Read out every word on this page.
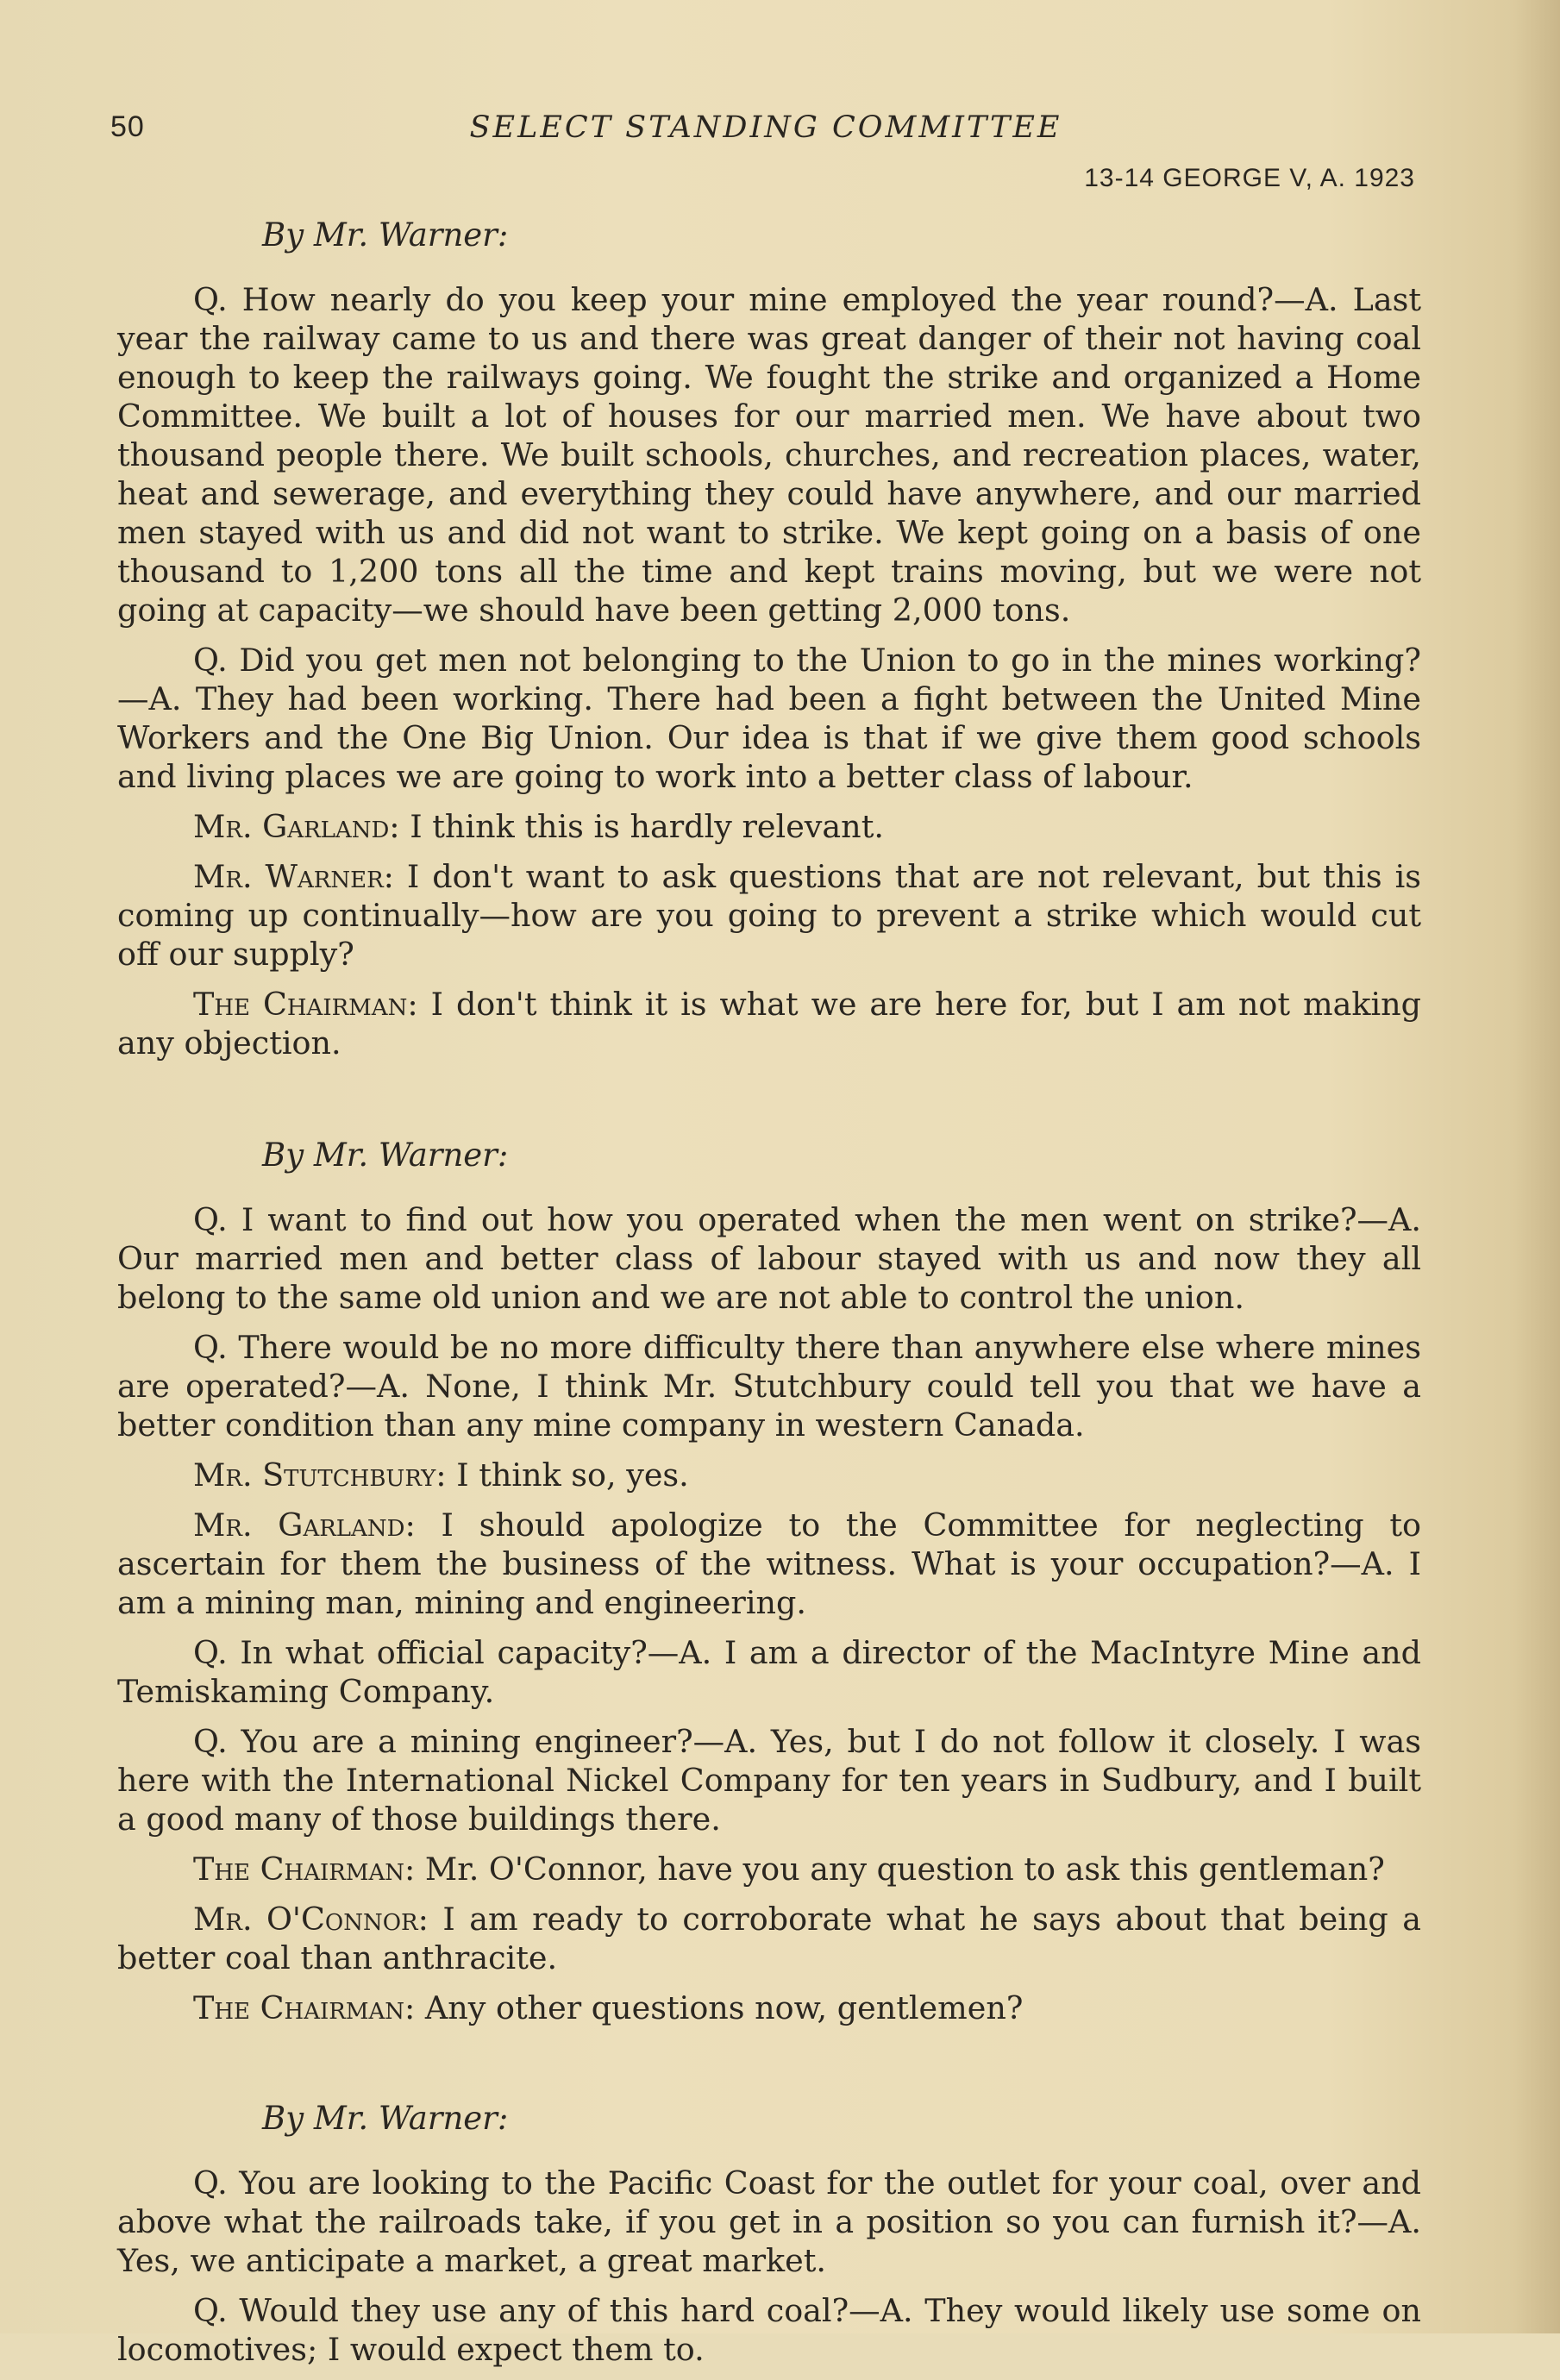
50	SELECT STANDING COMMITTEE
13-14 GEORGE V, A. 1923
By Mr. Warner:

Q. How nearly do you keep your mine employed the year round?—A. Last year the railway came to us and there was great danger of their not having coal enough to keep the railways going. We fought the strike and organized a Home Committee. We built a lot of houses for our married men. We have about two thousand people there. We built schools, churches, and recreation places, water, heat and sewerage, and everything they could have anywhere, and our married men stayed with us and did not want to strike. We kept going on a basis of one thousand to 1,200 tons all the time and kept trains moving, but we were not going at capacity—we should have been getting 2,000 tons.

Q. Did you get men not belonging to the Union to go in the mines working?—A. They had been working. There had been a fight between the United Mine Workers and the One Big Union. Our idea is that if we give them good schools and living places we are going to work into a better class of labour.

Mr. Garland: I think this is hardly relevant.

Mr. Warner: I don't want to ask questions that are not relevant, but this is coming up continually—how are you going to prevent a strike which would cut off our supply?

The Chairman: I don't think it is what we are here for, but I am not making any objection.

By Mr. Warner:

Q. I want to find out how you operated when the men went on strike?—A. Our married men and better class of labour stayed with us and now they all belong to the same old union and we are not able to control the union.

Q. There would be no more difficulty there than anywhere else where mines are operated?—A. None, I think Mr. Stutchbury could tell you that we have a better condition than any mine company in western Canada.

Mr. Stutchbury: I think so, yes.

Mr. Garland: I should apologize to the Committee for neglecting to ascertain for them the business of the witness. What is your occupation?—A. I am a mining man, mining and engineering.

Q. In what official capacity?—A. I am a director of the MacIntyre Mine and Temiskaming Company.

Q. You are a mining engineer?—A. Yes, but I do not follow it closely. I was here with the International Nickel Company for ten years in Sudbury, and I built a good many of those buildings there.

The Chairman: Mr. O'Connor, have you any question to ask this gentleman?

Mr. O'Connor: I am ready to corroborate what he says about that being a better coal than anthracite.

The Chairman: Any other questions now, gentlemen?

By Mr. Warner:

Q. You are looking to the Pacific Coast for the outlet for your coal, over and above what the railroads take, if you get in a position so you can furnish it?—A. Yes, we anticipate a market, a great market.

Q. Would they use any of this hard coal?—A. They would likely use some on locomotives; I would expect them to.
